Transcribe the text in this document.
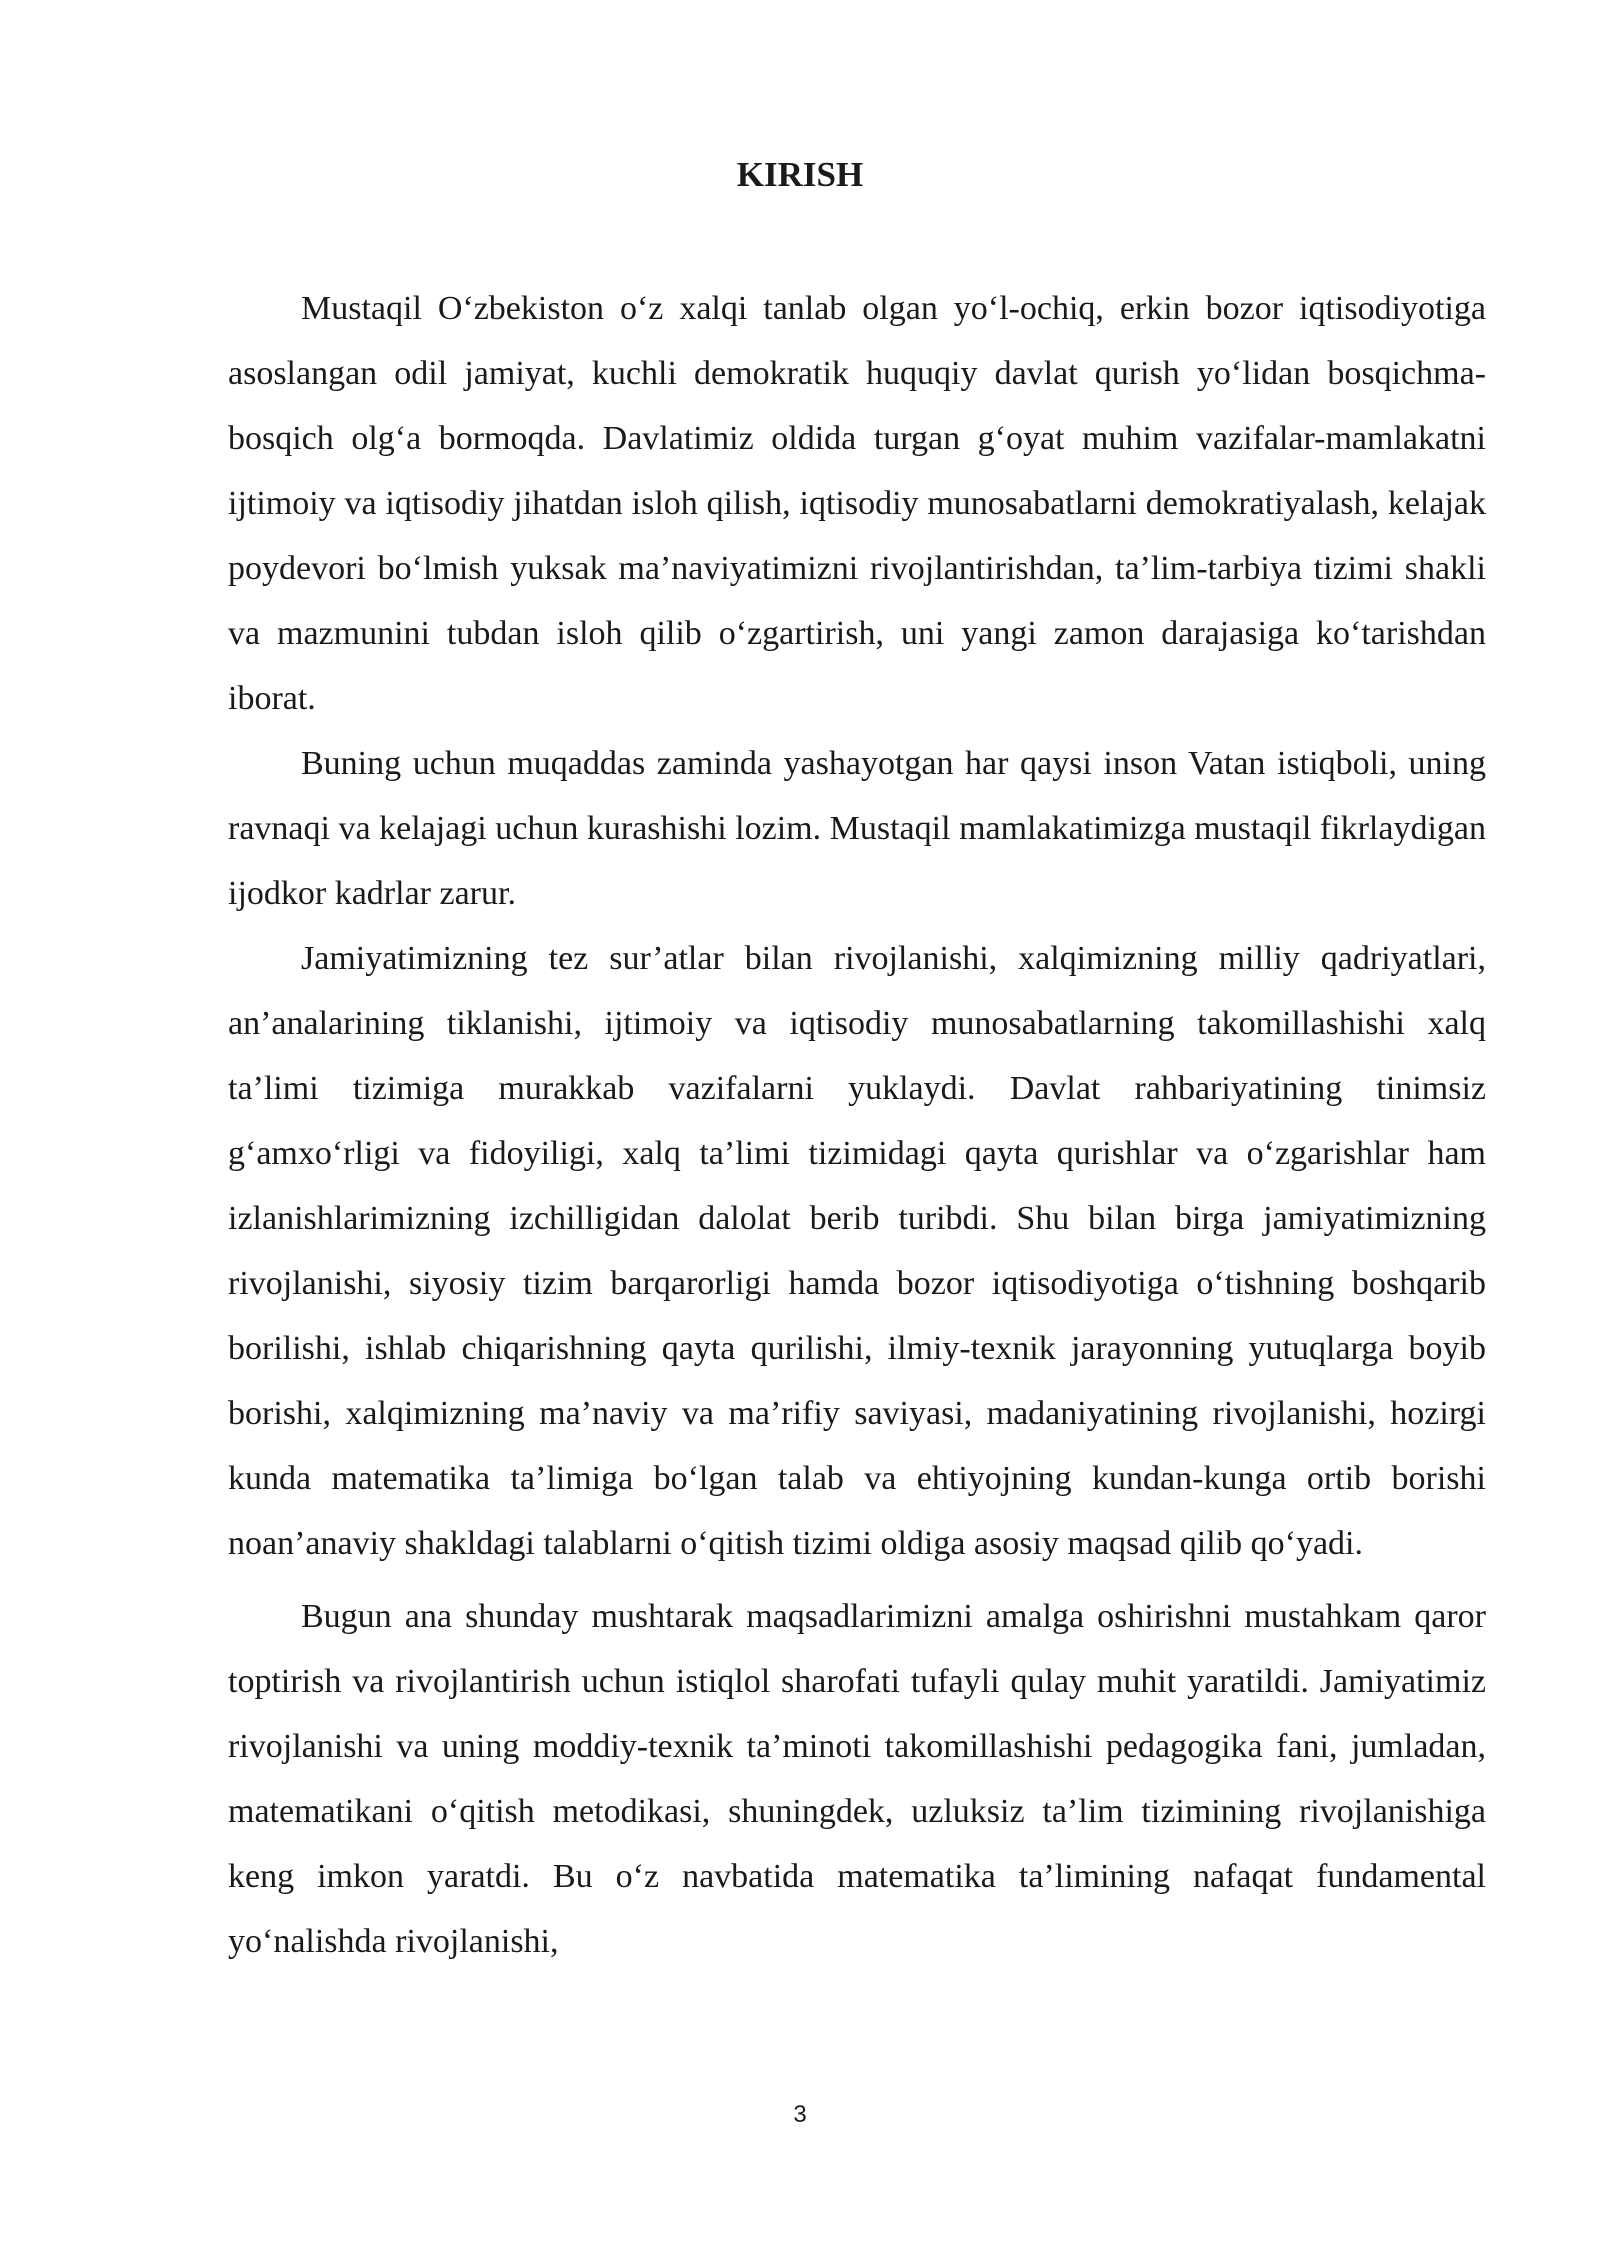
KIRISH

Mustaqil O‘zbekiston o‘z xalqi tanlab olgan yo‘l-ochiq, erkin bozor iqtisodiyotiga asoslangan odil jamiyat, kuchli demokratik huquqiy davlat qurish yo‘lidan bosqichma-bosqich olg‘a bormoqda. Davlatimiz oldida turgan g‘oyat muhim vazifalar-mamlakatni ijtimoiy va iqtisodiy jihatdan isloh qilish, iqtisodiy munosabatlarni demokratiyalash, kelajak poydevori bo‘lmish yuksak ma’naviyatimizni rivojlantirishdan, ta’lim-tarbiya tizimi shakli va mazmunini tubdan isloh qilib o‘zgartirish, uni yangi zamon darajasiga ko‘tarishdan iborat.

Buning uchun muqaddas zaminda yashayotgan har qaysi inson Vatan istiqboli, uning ravnaqi va kelajagi uchun kurashishi lozim. Mustaqil mamlakatimizga mustaqil fikrlaydigan ijodkor kadrlar zarur.

Jamiyatimizning tez sur’atlar bilan rivojlanishi, xalqimizning milliy qadriyatlari, an’analarining tiklanishi, ijtimoiy va iqtisodiy munosabatlarning takomillashishi xalq ta’limi tizimiga murakkab vazifalarni yuklaydi. Davlat rahbariyatining tinimsiz g‘amxo‘rligi va fidoyiligi, xalq ta’limi tizimidagi qayta qurishlar va o‘zgarishlar ham izlanishlarimizning izchilligidan dalolat berib turibdi. Shu bilan birga jamiyatimizning rivojlanishi, siyosiy tizim barqarorligi hamda bozor iqtisodiyotiga o‘tishning boshqarib borilishi, ishlab chiqarishning qayta qurilishi, ilmiy-texnik jarayonning yutuqlarga boyib borishi, xalqimizning ma’naviy va ma’rifiy saviyasi, madaniyatining rivojlanishi, hozirgi kunda matematika ta’limiga bo‘lgan talab va ehtiyojning kundan-kunga ortib borishi noan’anaviy shakldagi talablarni o‘qitish tizimi oldiga asosiy maqsad qilib qo‘yadi.

Bugun ana shunday mushtarak maqsadlarimizni amalga oshirishni mustahkam qaror toptirish va rivojlantirish uchun istiqlol sharofati tufayli qulay muhit yaratildi. Jamiyatimiz rivojlanishi va uning moddiy-texnik ta’minoti takomillashishi pedagogika fani, jumladan, matematikani o‘qitish metodikasi, shuningdek, uzluksiz ta’lim tizimining rivojlanishiga keng imkon yaratdi. Bu o‘z navbatida matematika ta’limining nafaqat fundamental yo‘nalishda rivojlanishi,

3
